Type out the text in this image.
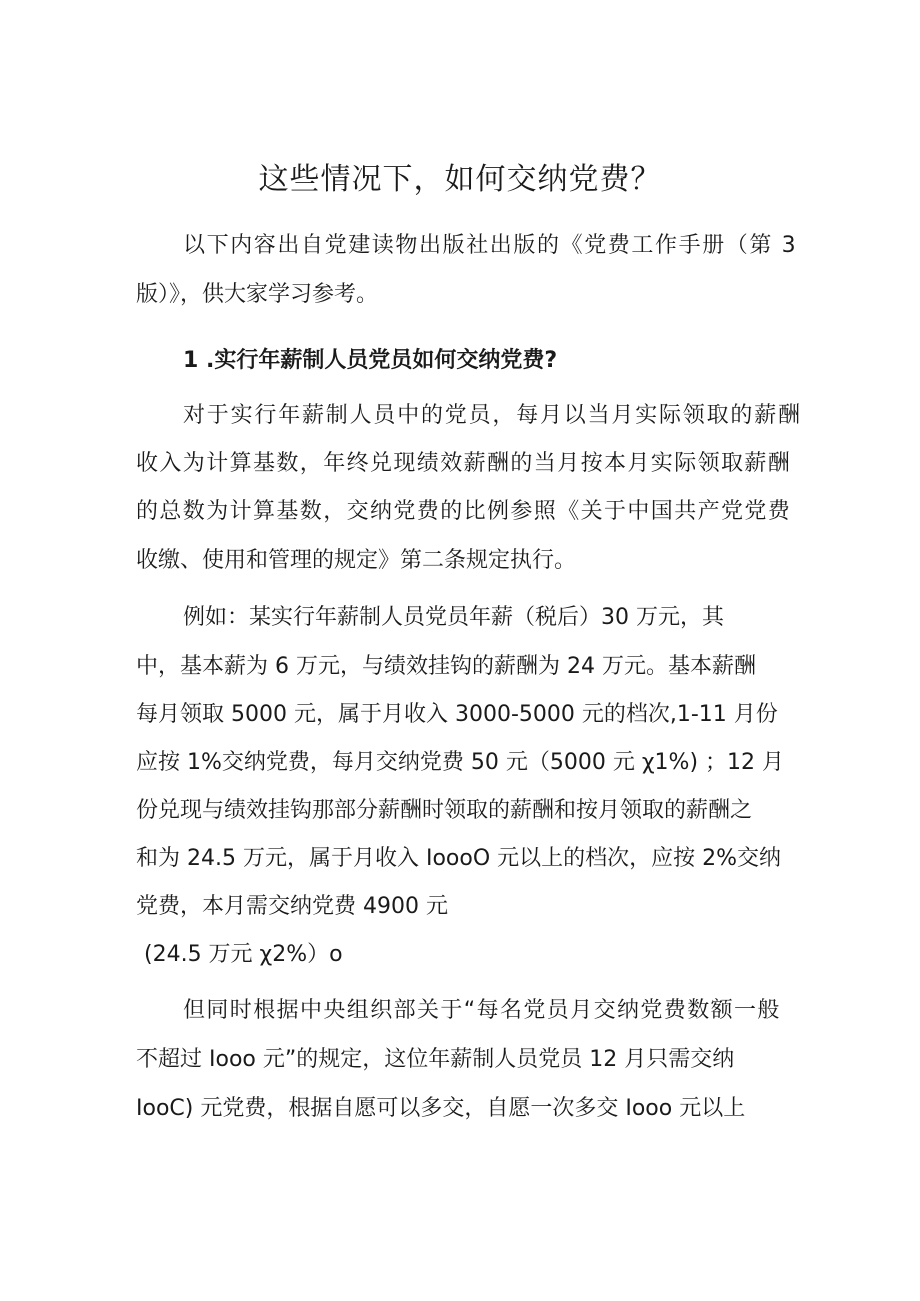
这些情况下，如何交纳党费？
以下内容出自党建读物出版社出版的《党费工作手册（第 3
版）》，供大家学习参考。
1 .实行年薪制人员党员如何交纳党费?
对于实行年薪制人员中的党员，每月以当月实际领取的薪酬
收入为计算基数，年终兑现绩效薪酬的当月按本月实际领取薪酬
的总数为计算基数，交纳党费的比例参照《关于中国共产党党费
收缴、使用和管理的规定》第二条规定执行。
例如：某实行年薪制人员党员年薪（税后）30 万元，其
中，基本薪为 6 万元，与绩效挂钩的薪酬为 24 万元。基本薪酬
每月领取 5000 元，属于月收入 3000-5000 元的档次,1-11 月份
应按 1%交纳党费，每月交纳党费 50 元（5000 元 χ1%) ；12 月
份兑现与绩效挂钩那部分薪酬时领取的薪酬和按月领取的薪酬之
和为 24.5 万元，属于月收入 IoooO 元以上的档次，应按 2%交纳
党费，本月需交纳党费 4900 元
(24.5 万元 χ2%）o
但同时根据中央组织部关于“每名党员月交纳党费数额一般
不超过 Iooo 元”的规定，这位年薪制人员党员 12 月只需交纳
IooC) 元党费，根据自愿可以多交，自愿一次多交 Iooo 元以上
